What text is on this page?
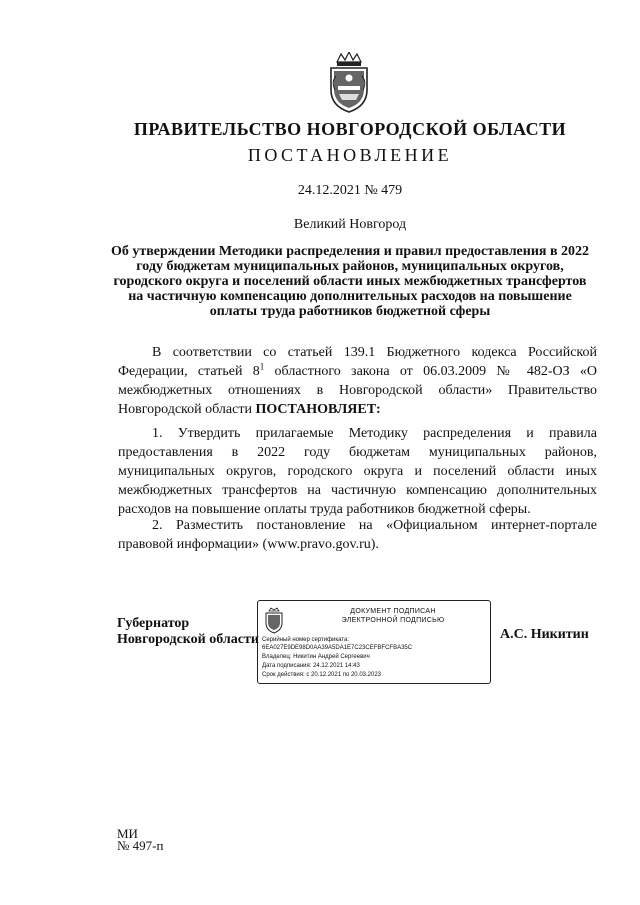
ПРАВИТЕЛЬСТВО НОВГОРОДСКОЙ ОБЛАСТИ
ПОСТАНОВЛЕНИЕ
24.12.2021 № 479
Великий Новгород
Об утверждении Методики распределения и правил предоставления в 2022 году бюджетам муниципальных районов, муниципальных округов, городского округа и поселений области иных межбюджетных трансфертов на частичную компенсацию дополнительных расходов на повышение оплаты труда работников бюджетной сферы
В соответствии со статьей 139.1 Бюджетного кодекса Российской Федерации, статьей $8^1$ областного закона от 06.03.2009 № 482-ОЗ «О межбюджетных отношениях в Новгородской области» Правительство Новгородской области ПОСТАНОВЛЯЕТ:
1. Утвердить прилагаемые Методику распределения и правила предоставления в 2022 году бюджетам муниципальных районов, муниципальных округов, городского округа и поселений области иных межбюджетных трансфертов на частичную компенсацию дополнительных расходов на повышение оплаты труда работников бюджетной сферы.
2. Разместить постановление на «Официальном интернет-портале правовой информации» (www.pravo.gov.ru).
Губернатор
Новгородской области
ДОКУМЕНТ ПОДПИСАН
ЭЛЕКТРОННОЙ ПОДПИСЬЮ
Серийный номер сертификата:
6EA027E9DE98D0AA39A5DA1E7C23CEFBFCFBA35C
Владелец: Никитин Андрей Сергеевич
Дата подписания: 24.12.2021 14:43
Срок действия: с 20.12.2021 по 20.03.2023
А.С. Никитин
МИ
№ 497-п
